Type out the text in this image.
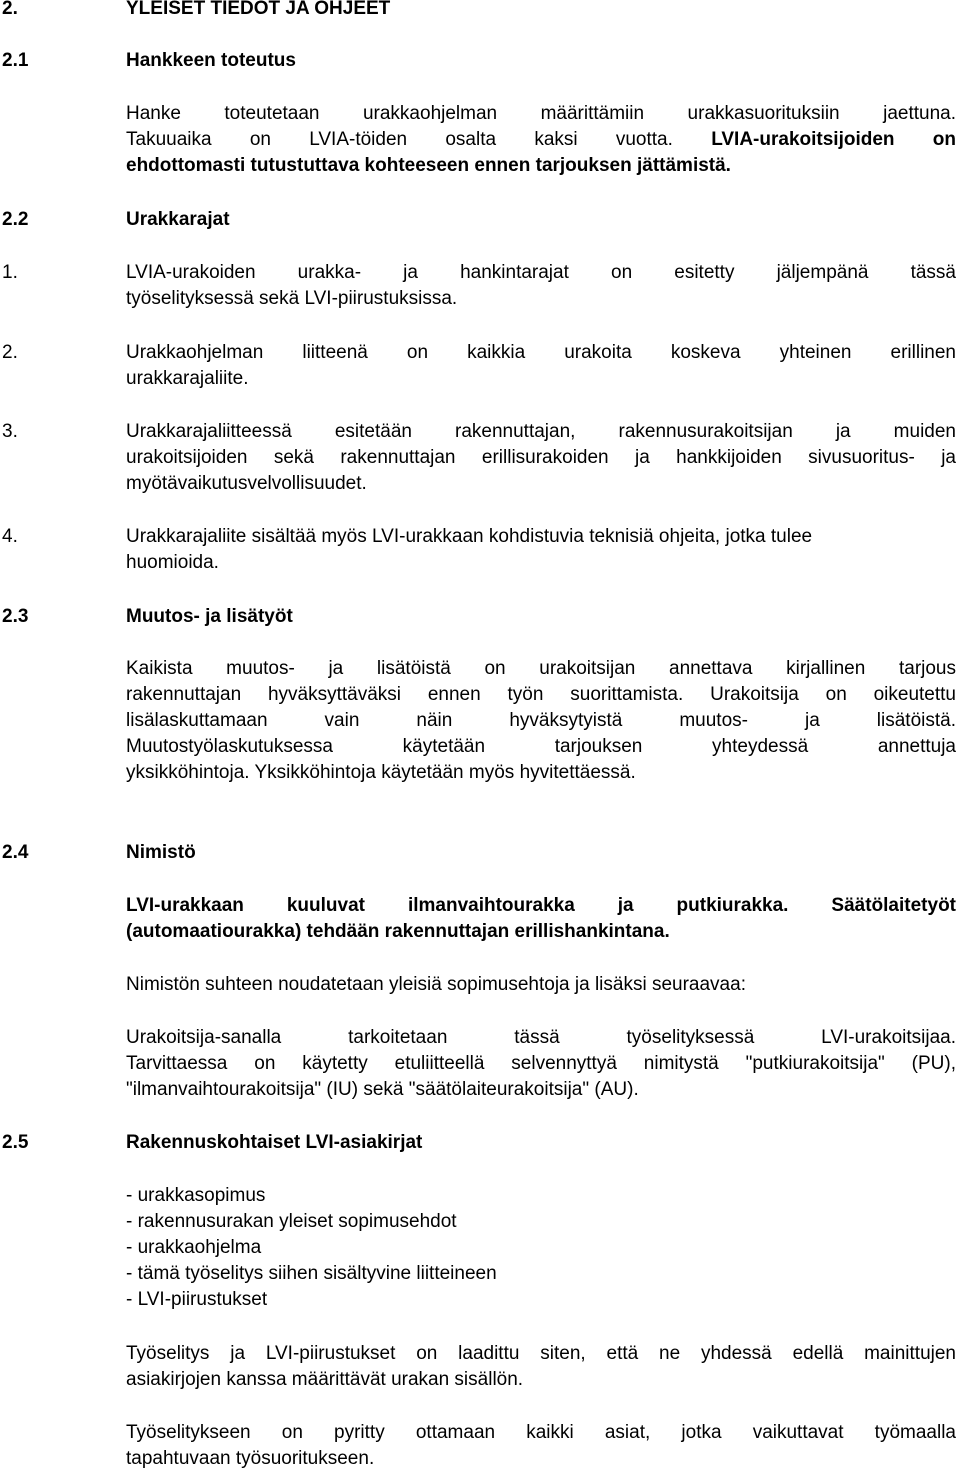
2.	YLEISET TIEDOT JA OHJEET
2.1	Hankkeen toteutus
Hanke toteutetaan urakkaohjelman määrittämiin urakkasuorituksiin jaettuna.
Takuuaika on LVIA-töiden osalta kaksi vuotta. LVIA-urakoitsijoiden on
ehdottomasti tutustuttava kohteeseen ennen tarjouksen jättämistä.
2.2	Urakkarajat
1.	LVIA-urakoiden urakka- ja hankintarajat on esitetty jäljempänä tässä
työselityksessä sekä LVI-piirustuksissa.
2.	Urakkaohjelman liitteenä on kaikkia urakoita koskeva yhteinen erillinen
urakkarajaliite.
3.	Urakkarajaliitteessä esitetään rakennuttajan, rakennusurakoitsijan ja muiden
urakoitsijoiden sekä rakennuttajan erillisurakoiden ja hankkijoiden sivusuoritus- ja
myötävaikutusvelvollisuudet.
4.	Urakkarajaliite sisältää myös LVI-urakkaan kohdistuvia teknisiä ohjeita, jotka tulee
huomioida.
2.3	Muutos- ja lisätyöt
Kaikista muutos- ja lisätöistä on urakoitsijan annettava kirjallinen tarjous
rakennuttajan hyväksyttäväksi ennen työn suorittamista. Urakoitsija on oikeutettu
lisälaskuttamaan vain näin hyväksytyistä muutos- ja lisätöistä.
Muutostyölaskutuksessa käytetään tarjouksen yhteydessä annettuja
yksikköhintoja. Yksikköhintoja käytetään myös hyvitettäessä.
2.4	Nimistö
LVI-urakkaan kuuluvat ilmanvaihtourakka ja putkiurakka. Säätölaitetyöt
(automaatiourakka) tehdään rakennuttajan erillishankintana.
Nimistön suhteen noudatetaan yleisiä sopimusehtoja ja lisäksi seuraavaa:
Urakoitsija-sanalla tarkoitetaan tässä työselityksessä LVI-urakoitsijaa.
Tarvittaessa on käytetty etuliitteellä selvennyttyä nimitystä "putkiurakoitsija" (PU),
"ilmanvaihtourakoitsija" (IU) sekä "säätölaiteurakoitsija" (AU).
2.5	Rakennuskohtaiset LVI-asiakirjat
- urakkasopimus
- rakennusurakan yleiset sopimusehdot
- urakkaohjelma
- tämä työselitys siihen sisältyvine liitteineen
- LVI-piirustukset
Työselitys ja LVI-piirustukset on laadittu siten, että ne yhdessä edellä mainittujen
asiakirjojen kanssa määrittävät urakan sisällön.
Työselitykseen on pyritty ottamaan kaikki asiat, jotka vaikuttavat työmaalla
tapahtuvaan työsuoritukseen.
